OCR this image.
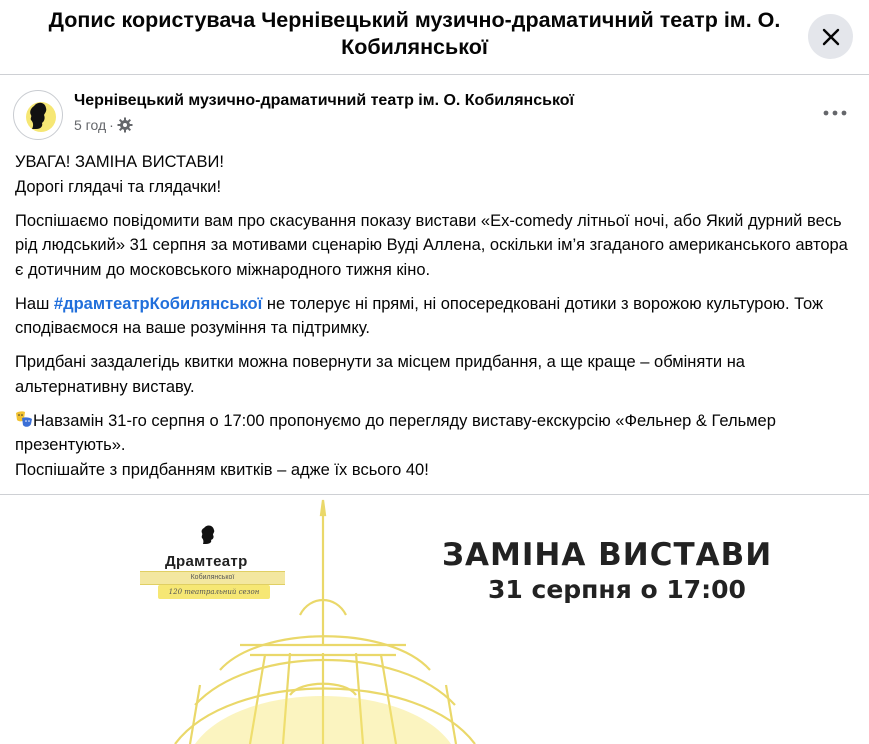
Допис користувача Чернівецький музично-драматичний театр ім. О. Кобилянської
Чернівецький музично-драматичний театр ім. О. Кобилянської
5 год ·

УВАГА! ЗАМІНА ВИСТАВИ!
Дорогі глядачі та глядачки!

Поспішаємо повідомити вам про скасування показу вистави «Ex-comedy літньої ночі, або Який дурний весь рід людський» 31 серпня за мотивами сценарію Вуді Аллена, оскільки ім’я згаданого американського автора є дотичним до московського міжнародного тижня кіно.

Наш #драмтеатрКобилянської не толерує ні прямі, ні опосередковані дотики з ворожою культурою. Тож сподіваємося на ваше розуміння та підтримку.

Придбані заздалегідь квитки можна повернути за місцем придбання, а ще краще – обміняти на альтернативну виставу.

Навзамін 31-го серпня о 17:00 пропонуємо до перегляду виставу-екскурсію «Фельнер & Гельмер презентують».
Поспішайте з придбанням квитків – адже їх всього 40!

Драмтеатр
Кобилянської
120 театральний сезон
ЗАМІНА ВИСТАВИ
31 серпня о 17:00
